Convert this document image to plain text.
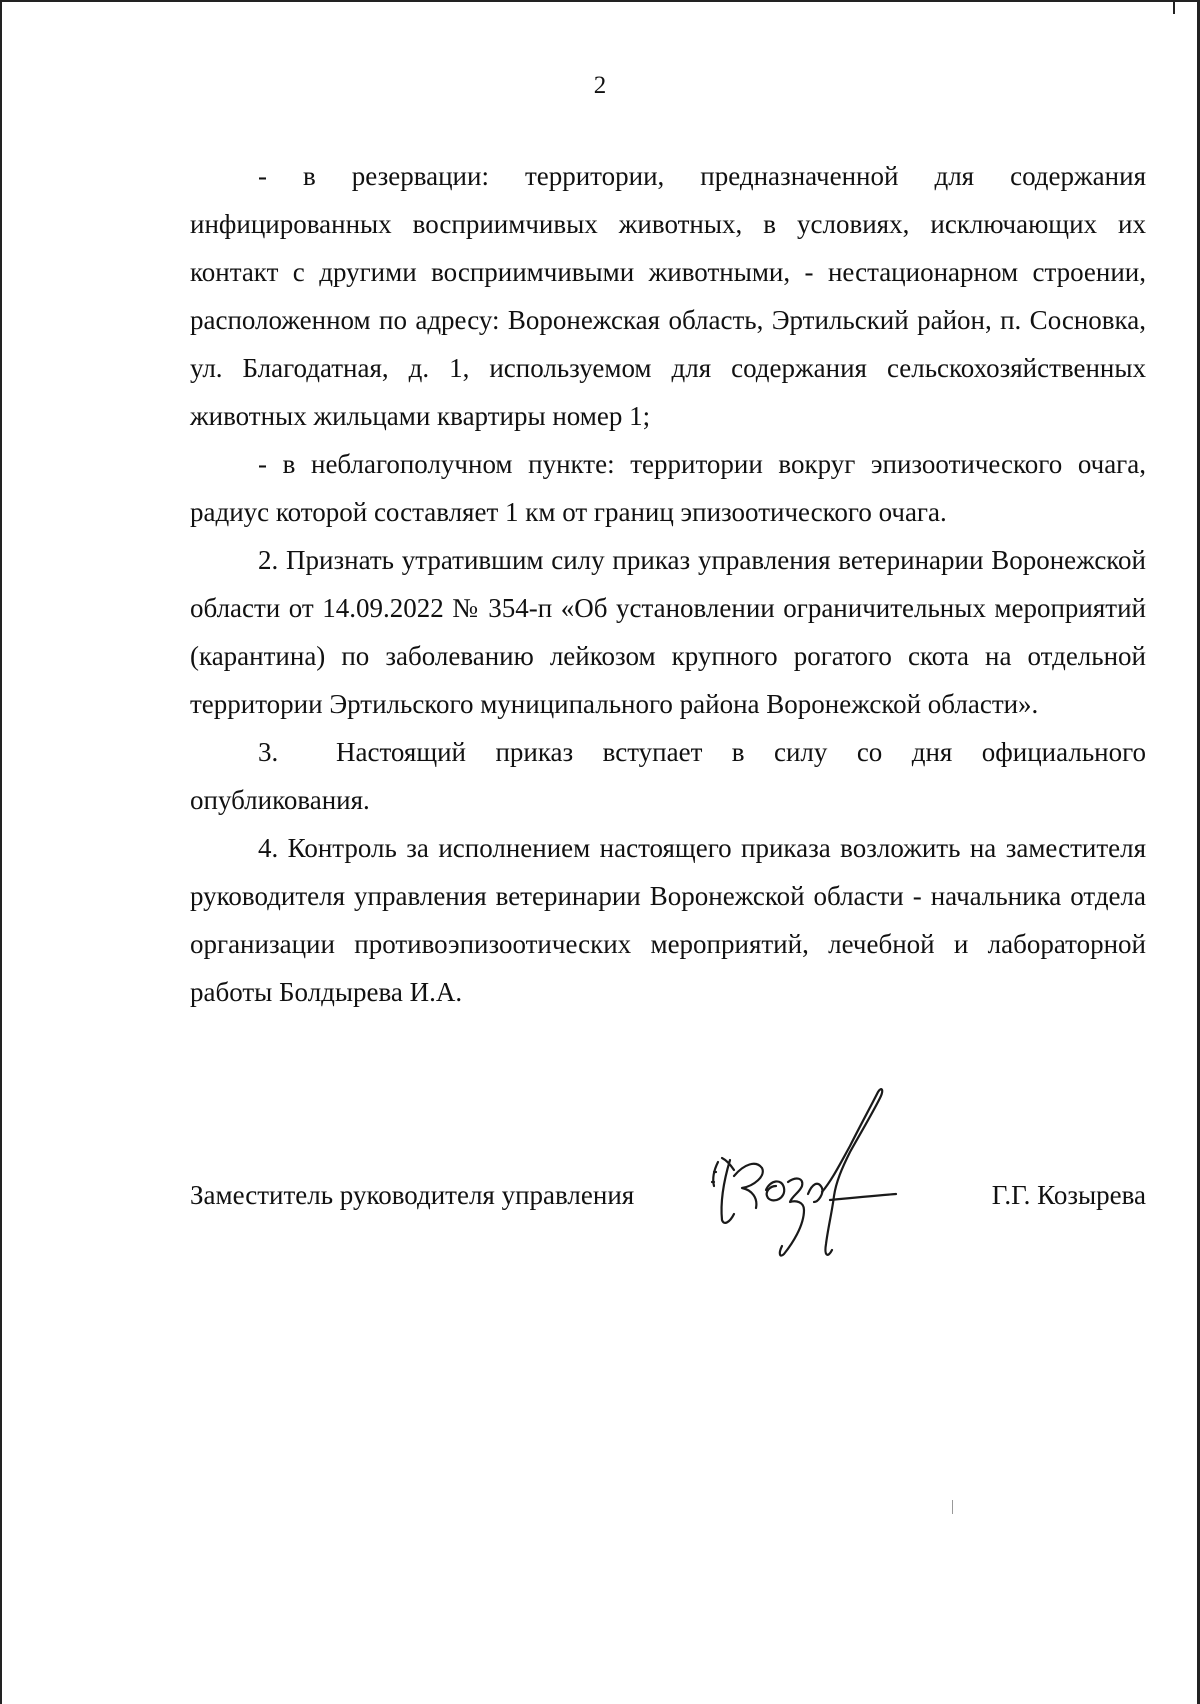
2

- в резервации: территории, предназначенной для содержания инфицированных восприимчивых животных, в условиях, исключающих их контакт с другими восприимчивыми животными, - нестационарном строении, расположенном по адресу: Воронежская область, Эртильский район, п. Сосновка, ул. Благодатная, д. 1, используемом для содержания сельскохозяйственных животных жильцами квартиры номер 1;

- в неблагополучном пункте: территории вокруг эпизоотического очага, радиус которой составляет 1 км от границ эпизоотического очага.

2. Признать утратившим силу приказ управления ветеринарии Воронежской области от 14.09.2022 № 354-п «Об установлении ограничительных мероприятий (карантина) по заболеванию лейкозом крупного рогатого скота на отдельной территории Эртильского муниципального района Воронежской области».

3. Настоящий приказ вступает в силу со дня официального опубликования.

4. Контроль за исполнением настоящего приказа возложить на заместителя руководителя управления ветеринарии Воронежской области - начальника отдела организации противоэпизоотических мероприятий, лечебной и лабораторной работы Болдырева И.А.

Заместитель руководителя управления	Г.Г. Козырева
